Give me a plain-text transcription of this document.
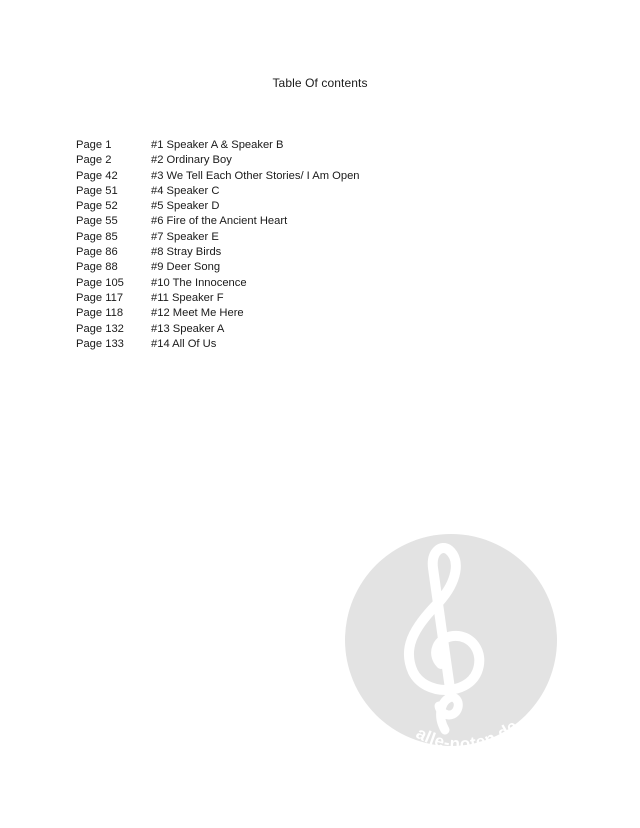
Table Of contents
Page 1	#1 Speaker A & Speaker B
Page 2	#2 Ordinary Boy
Page 42	#3 We Tell Each Other Stories/ I Am Open
Page 51	#4 Speaker C
Page 52	#5 Speaker D
Page 55	#6 Fire of the Ancient Heart
Page 85	#7 Speaker E
Page 86	#8 Stray Birds
Page 88	#9 Deer Song
Page 105	#10 The Innocence
Page 117	#11 Speaker F
Page 118	#12 Meet Me Here
Page 132	#13 Speaker A
Page 133	#14 All Of Us
alle-noten.de
